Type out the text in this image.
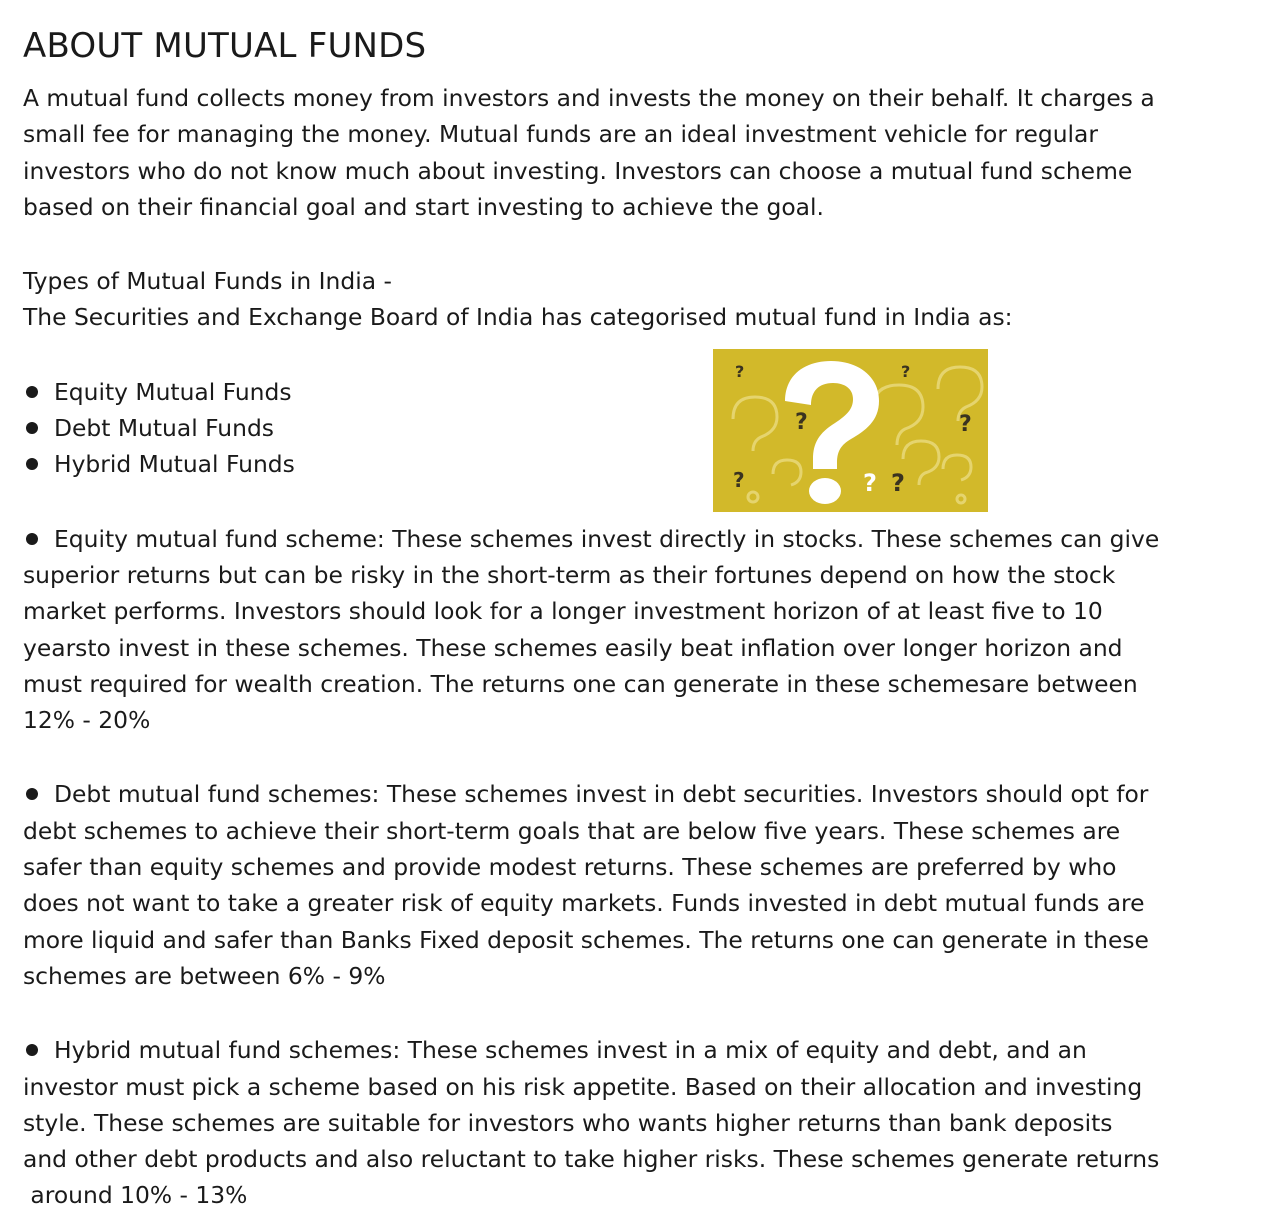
ABOUT MUTUAL FUNDS

A mutual fund collects money from investors and invests the money on their behalf. It charges a
small fee for managing the money. Mutual funds are an ideal investment vehicle for regular
investors who do not know much about investing. Investors can choose a mutual fund scheme
based on their financial goal and start investing to achieve the goal.

Types of Mutual Funds in India -
The Securities and Exchange Board of India has categorised mutual fund in India as:

Equity Mutual Funds
Debt Mutual Funds
Hybrid Mutual Funds

Equity mutual fund scheme: These schemes invest directly in stocks. These schemes can give
superior returns but can be risky in the short-term as their fortunes depend on how the stock
market performs. Investors should look for a longer investment horizon of at least five to 10
yearsto invest in these schemes. These schemes easily beat inflation over longer horizon and
must required for wealth creation. The returns one can generate in these schemesare between
12% - 20%

Debt mutual fund schemes: These schemes invest in debt securities. Investors should opt for
debt schemes to achieve their short-term goals that are below five years. These schemes are
safer than equity schemes and provide modest returns. These schemes are preferred by who
does not want to take a greater risk of equity markets. Funds invested in debt mutual funds are
more liquid and safer than Banks Fixed deposit schemes. The returns one can generate in these
schemes are between 6% - 9%

Hybrid mutual fund schemes: These schemes invest in a mix of equity and debt, and an
investor must pick a scheme based on his risk appetite. Based on their allocation and investing
style. These schemes are suitable for investors who wants higher returns than bank deposits
and other debt products and also reluctant to take higher risks. These schemes generate returns
around 10% - 13%

?	?
?	?
?	? ?
